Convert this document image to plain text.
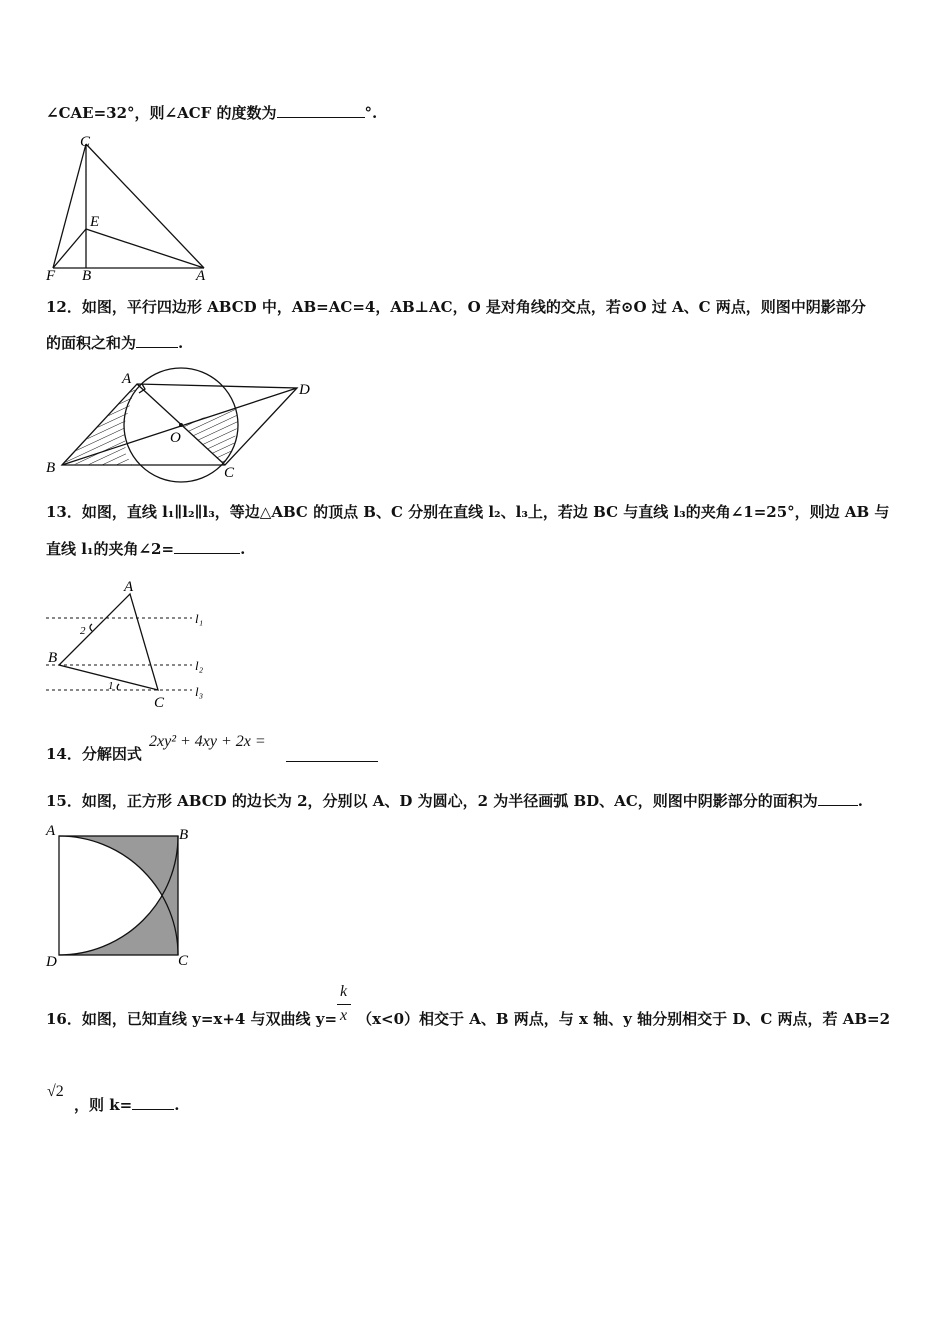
∠CAE=32°，则∠ACF 的度数为	°.
C
E
F B	A
12．如图，平行四边形 ABCD 中，AB=AC=4，AB⊥AC，O 是对角线的交点，若⊙O 过 A、C 两点，则图中阴影部分
的面积之和为	.
A
D
O
B	C
13．如图，直线 l₁∥l₂∥l₃，等边△ABC 的顶点 B、C 分别在直线 l₂、l₃上，若边 BC 与直线 l₃的夹角∠1=25°，则边 AB 与
直线 l₁的夹角∠2=	.
A
B
C
l₁
l₂
l₃
2
1
14．分解因式
2xy² + 4xy + 2x =
15．如图，正方形 ABCD 的边长为 2，分别以 A、D 为圆心，2 为半径画弧 BD、AC，则图中阴影部分的面积为	.
A	B
D	C
16．如图，已知直线 y=x+4 与双曲线 y= （x<0）相交于 A、B 两点，与 x 轴、y 轴分别相交于 D、C 两点，若 AB=2
k
x
，则 k=	.
√2
